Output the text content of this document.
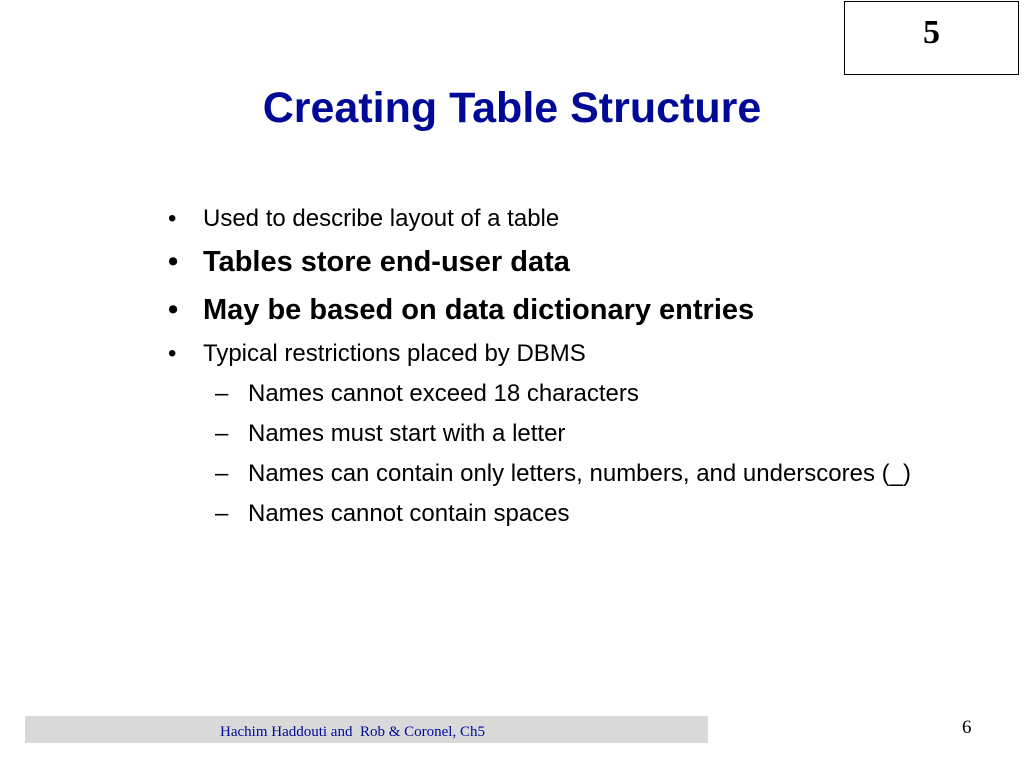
5
Creating Table Structure
• Used to describe layout of a table
• Tables store end-user data
• May be based on data dictionary entries
• Typical restrictions placed by DBMS
– Names cannot exceed 18 characters
– Names must start with a letter
– Names can contain only letters, numbers, and underscores (_)
– Names cannot contain spaces
Hachim Haddouti and  Rob & Coronel, Ch5	6
